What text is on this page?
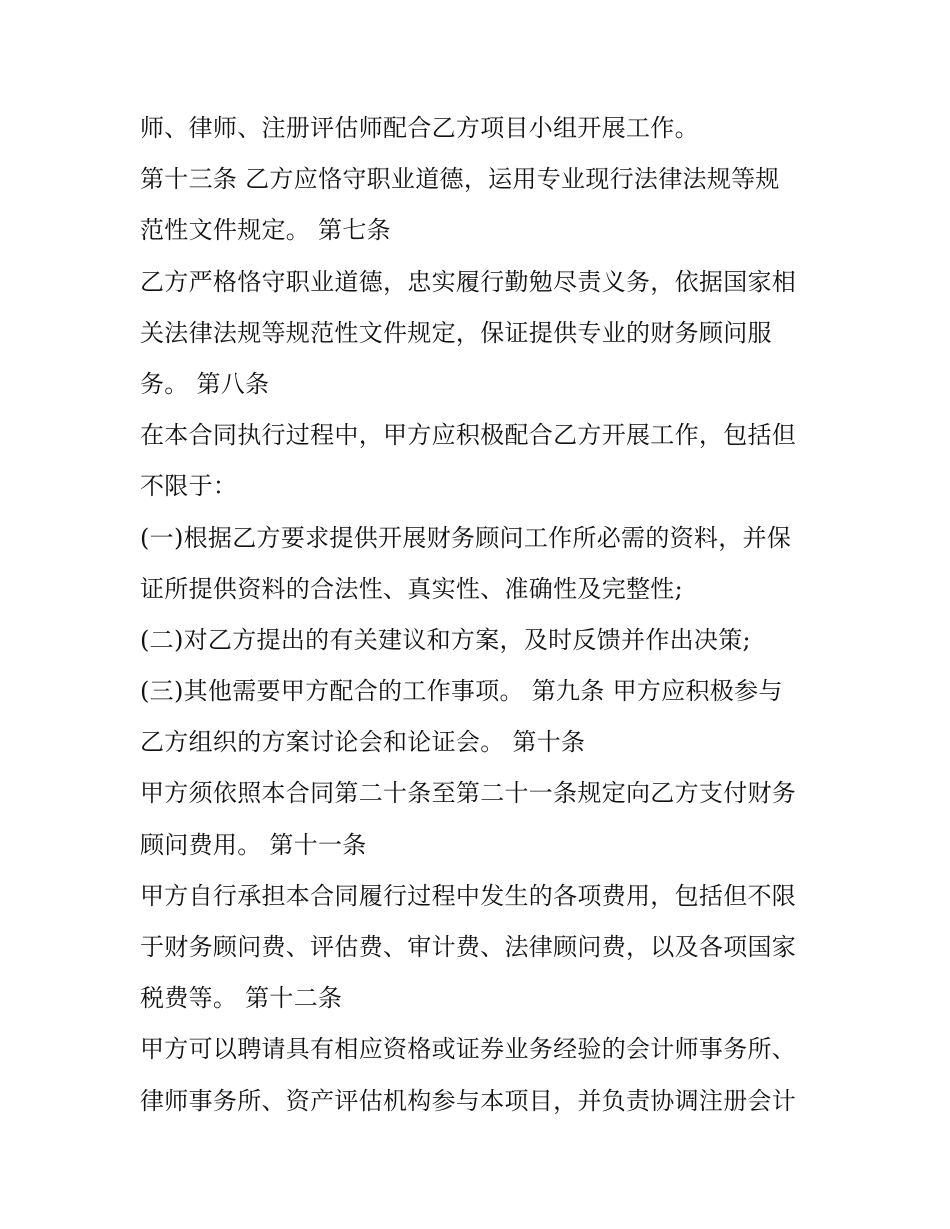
师、律师、注册评估师配合乙方项目小组开展工作。
第十三条 乙方应恪守职业道德，运用专业现行法律法规等规
范性文件规定。 第七条
乙方严格恪守职业道德，忠实履行勤勉尽责义务，依据国家相
关法律法规等规范性文件规定，保证提供专业的财务顾问服
务。 第八条
在本合同执行过程中，甲方应积极配合乙方开展工作，包括但
不限于：
(一)根据乙方要求提供开展财务顾问工作所必需的资料，并保
证所提供资料的合法性、真实性、准确性及完整性;
(二)对乙方提出的有关建议和方案，及时反馈并作出决策;
(三)其他需要甲方配合的工作事项。 第九条 甲方应积极参与
乙方组织的方案讨论会和论证会。 第十条
甲方须依照本合同第二十条至第二十一条规定向乙方支付财务
顾问费用。 第十一条
甲方自行承担本合同履行过程中发生的各项费用，包括但不限
于财务顾问费、评估费、审计费、法律顾问费，以及各项国家
税费等。 第十二条
甲方可以聘请具有相应资格或证券业务经验的会计师事务所、
律师事务所、资产评估机构参与本项目，并负责协调注册会计
